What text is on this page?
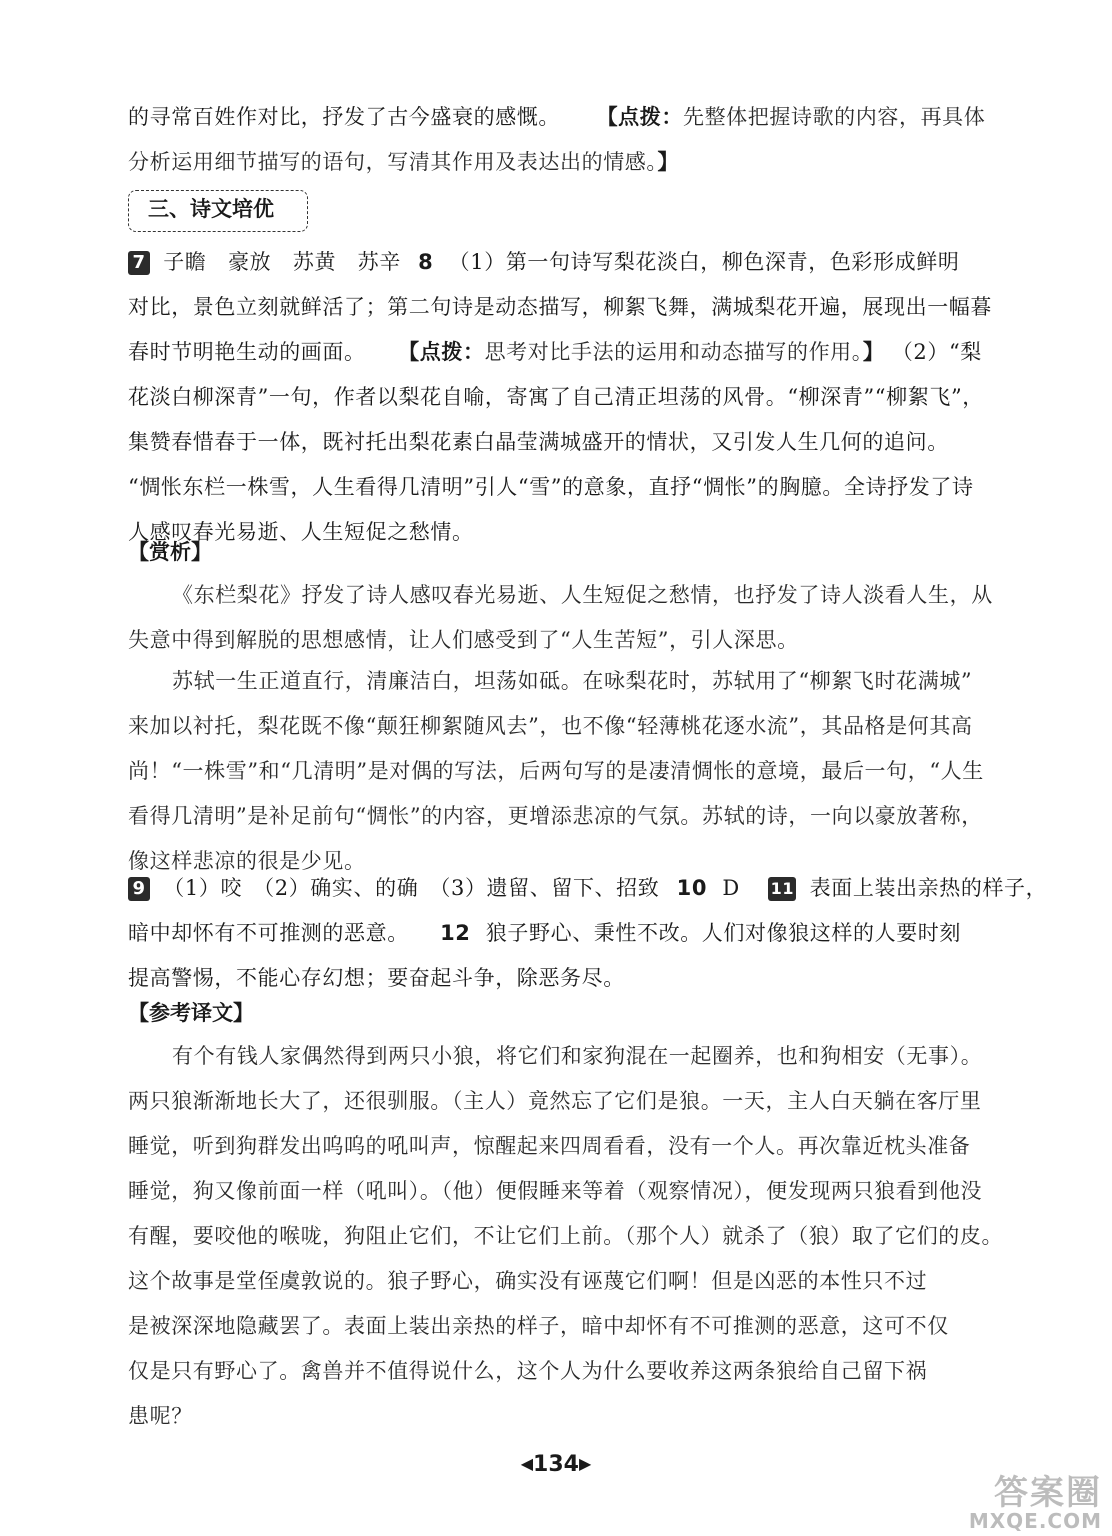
的寻常百姓作对比，抒发了古今盛衰的感慨。 【点拨：先整体把握诗歌的内容，再具体
分析运用细节描写的语句，写清其作用及表达出的情感。】
三、诗文培优
7 子瞻　豪放　苏黄　苏辛 8 （1）第一句诗写梨花淡白，柳色深青，色彩形成鲜明
对比，景色立刻就鲜活了；第二句诗是动态描写，柳絮飞舞，满城梨花开遍，展现出一幅暮
春时节明艳生动的画面。 【点拨：思考对比手法的运用和动态描写的作用。】 （2）“梨
花淡白柳深青”一句，作者以梨花自喻，寄寓了自己清正坦荡的风骨。“柳深青”“柳絮飞”，
集赞春惜春于一体，既衬托出梨花素白晶莹满城盛开的情状，又引发人生几何的追问。
“惆怅东栏一株雪，人生看得几清明”引人“雪”的意象，直抒“惆怅”的胸臆。全诗抒发了诗
人感叹春光易逝、人生短促之愁情。
【赏析】
《东栏梨花》抒发了诗人感叹春光易逝、人生短促之愁情，也抒发了诗人淡看人生，从
失意中得到解脱的思想感情，让人们感受到了“人生苦短”，引人深思。
苏轼一生正道直行，清廉洁白，坦荡如砥。在咏梨花时，苏轼用了“柳絮飞时花满城”
来加以衬托，梨花既不像“颠狂柳絮随风去”，也不像“轻薄桃花逐水流”，其品格是何其高
尚！“一株雪”和“几清明”是对偶的写法，后两句写的是凄清惆怅的意境，最后一句，“人生
看得几清明”是补足前句“惆怅”的内容，更增添悲凉的气氛。苏轼的诗，一向以豪放著称，
像这样悲凉的很是少见。
9 （1）咬　（2）确实、的确　（3）遗留、留下、招致 10 D 11 表面上装出亲热的样子，
暗中却怀有不可推测的恶意。 12 狼子野心、秉性不改。人们对像狼这样的人要时刻
提高警惕，不能心存幻想；要奋起斗争，除恶务尽。
【参考译文】
有个有钱人家偶然得到两只小狼，将它们和家狗混在一起圈养，也和狗相安（无事）。
两只狼渐渐地长大了，还很驯服。（主人）竟然忘了它们是狼。一天，主人白天躺在客厅里
睡觉，听到狗群发出呜呜的吼叫声，惊醒起来四周看看，没有一个人。再次靠近枕头准备
睡觉，狗又像前面一样（吼叫）。（他）便假睡来等着（观察情况），便发现两只狼看到他没
有醒，要咬他的喉咙，狗阻止它们，不让它们上前。（那个人）就杀了（狼）取了它们的皮。
这个故事是堂侄虞敦说的。狼子野心，确实没有诬蔑它们啊！但是凶恶的本性只不过
是被深深地隐藏罢了。表面上装出亲热的样子，暗中却怀有不可推测的恶意，这可不仅
仅是只有野心了。禽兽并不值得说什么，这个人为什么要收养这两条狼给自己留下祸
患呢？
◀134▶
答案圈
MXQE.COM
